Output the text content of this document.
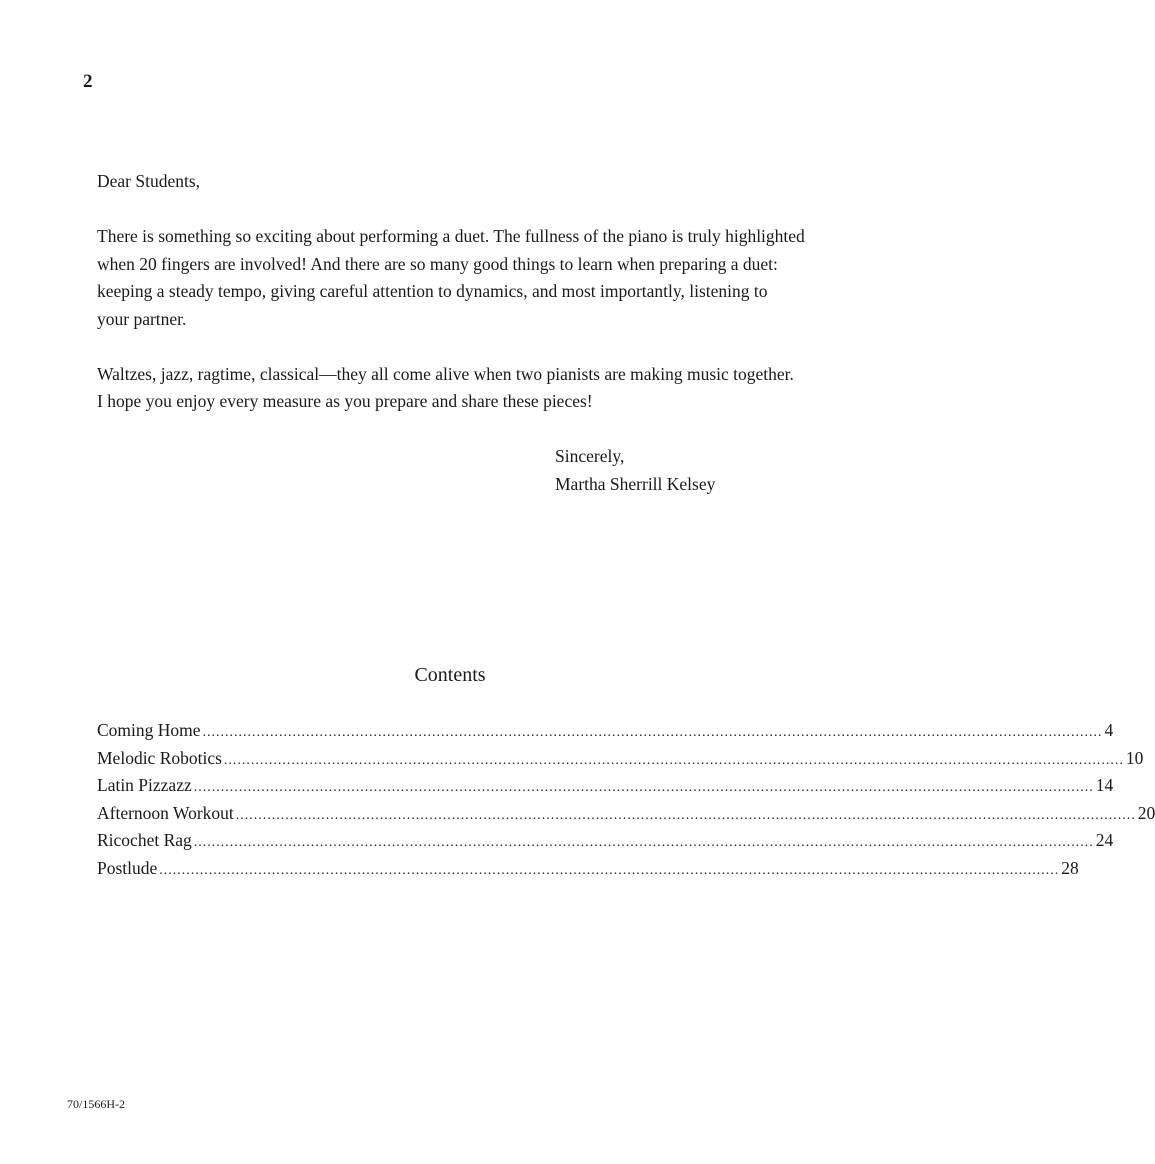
2

Dear Students,

There is something so exciting about performing a duet. The fullness of the piano is truly highlighted
when 20 fingers are involved! And there are so many good things to learn when preparing a duet:
keeping a steady tempo, giving careful attention to dynamics, and most importantly, listening to
your partner.

Waltzes, jazz, ragtime, classical—they all come alive when two pianists are making music together.
I hope you enjoy every measure as you prepare and share these pieces!

Sincerely,
Martha Sherrill Kelsey
Contents
Coming Home ........................................................................................................................................................................................................ 4
Melodic Robotics ........................................................................................................................................................................................................ 10
Latin Pizzazz ........................................................................................................................................................................................................ 14
Afternoon Workout ........................................................................................................................................................................................................ 20
Ricochet Rag ........................................................................................................................................................................................................ 24
Postlude ........................................................................................................................................................................................................ 28
70/1566H-2
